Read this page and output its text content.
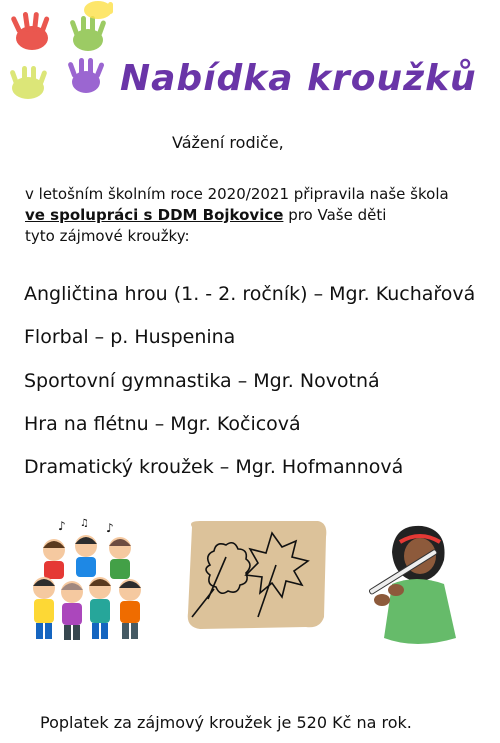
Nabídka kroužků
Vážení rodiče,
v letošním školním roce 2020/2021 připravila naše škola
ve spolupráci s DDM Bojkovice pro Vaše děti
tyto zájmové kroužky:
Angličtina hrou (1. - 2. ročník) – Mgr. Kuchařová
Florbal – p. Huspenina
Sportovní gymnastika – Mgr. Novotná
Hra na flétnu – Mgr. Kočicová
Dramatický kroužek – Mgr. Hofmannová
♪ ♫ ♪
Poplatek za zájmový kroužek je 520 Kč na rok.
